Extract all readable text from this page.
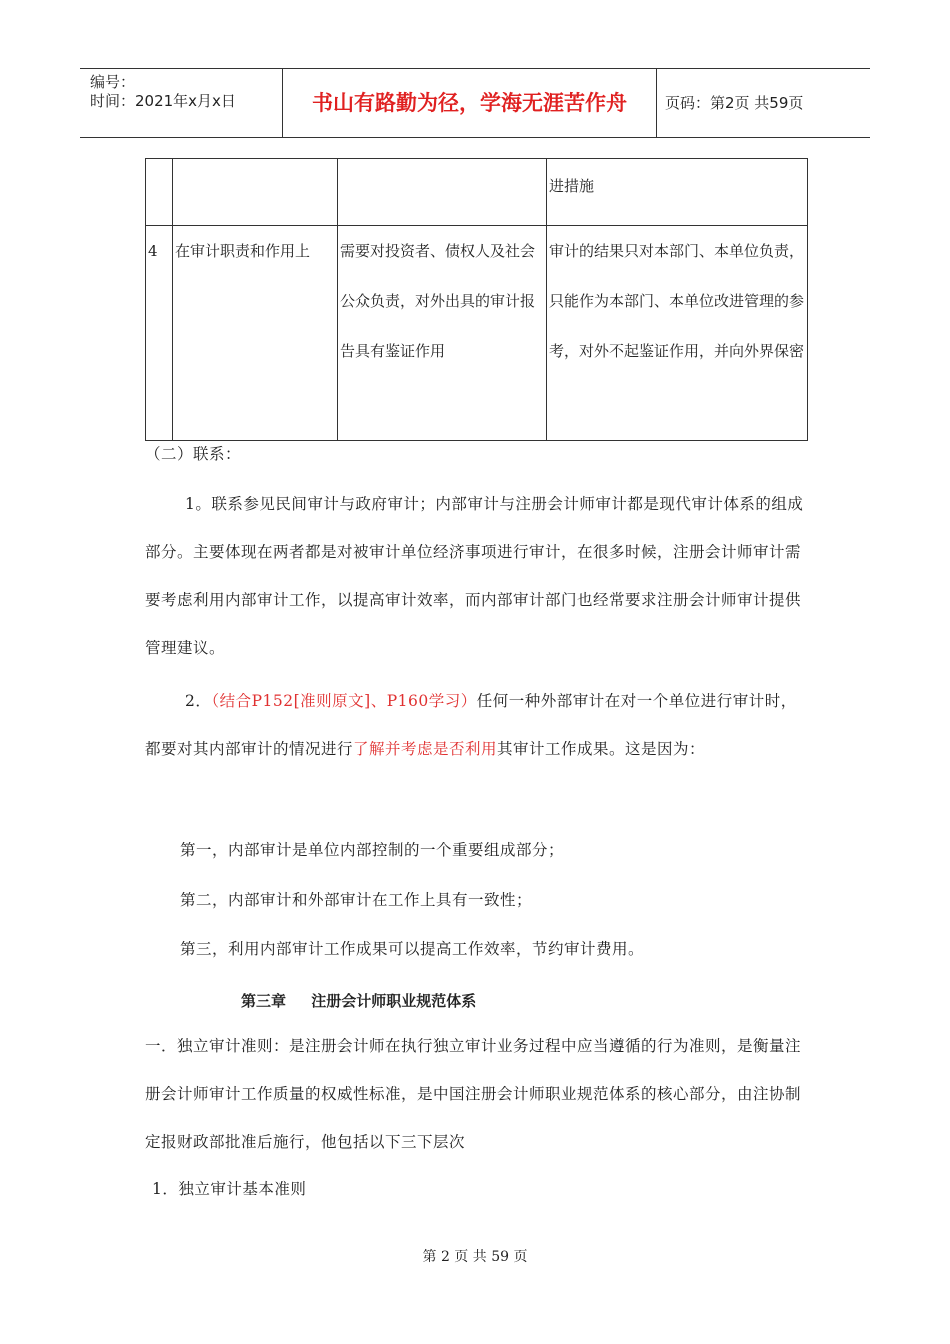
编号：
时间：2021年x月x日	书山有路勤为径，学海无涯苦作舟	页码：第2页 共59页
			进措施
4	在审计职责和作用上	需要对投资者、债权人及社会公众负责，对外出具的审计报告具有鉴证作用	审计的结果只对本部门、本单位负责，只能作为本部门、本单位改进管理的参考，对外不起鉴证作用，并向外界保密
（二）联系：
1。联系参见民间审计与政府审计；内部审计与注册会计师审计都是现代审计体系的组成部分。主要体现在两者都是对被审计单位经济事项进行审计，在很多时候，注册会计师审计需要考虑利用内部审计工作，以提高审计效率，而内部审计部门也经常要求注册会计师审计提供管理建议。
2．（结合P152[准则原文]、P160学习）任何一种外部审计在对一个单位进行审计时，都要对其内部审计的情况进行了解并考虑是否利用其审计工作成果。这是因为：
第一，内部审计是单位内部控制的一个重要组成部分；
第二，内部审计和外部审计在工作上具有一致性；
第三，利用内部审计工作成果可以提高工作效率，节约审计费用。
第三章 注册会计师职业规范体系
一．独立审计准则：是注册会计师在执行独立审计业务过程中应当遵循的行为准则，是衡量注册会计师审计工作质量的权威性标准，是中国注册会计师职业规范体系的核心部分，由注协制定报财政部批准后施行，他包括以下三下层次
1．独立审计基本准则
第 2 页 共 59 页
